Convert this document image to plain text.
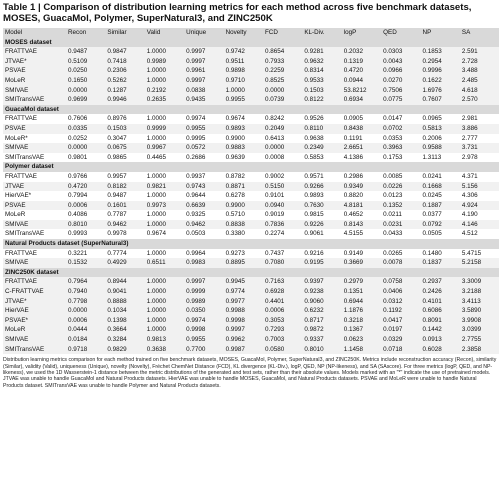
Table 1 | Comparison of distribution learning metrics for each method across five benchmark datasets, MOSES, GuacaMol, Polymer, SuperNatural3, and ZINC250K
Model	Recon	Similar	Valid	Unique	Novelty	FCD	KL-Div.	logP	QED	NP	SA
MOSES dataset											
FRATTVAE	0.9487	0.9847	1.0000	0.9997	0.9742	0.8654	0.9281	0.2032	0.0303	0.1853	2.591
JTVAE*	0.5109	0.7418	0.9989	0.9997	0.9511	0.7933	0.9632	0.1319	0.0043	0.2954	2.728
PSVAE	0.0250	0.2306	1.0000	0.9961	0.9898	0.2259	0.8314	0.4720	0.0966	0.9996	3.488
MoLeR	0.1650	0.5262	1.0000	0.9997	0.9710	0.8525	0.9533	0.0944	0.0270	0.1622	2.485
SMIVAE	0.0000	0.1287	0.2192	0.0838	1.0000	0.0000	0.1503	53.8212	0.7506	1.6976	4.618
SMITransVAE	0.9699	0.9946	0.2635	0.9435	0.9955	0.0739	0.8122	0.6934	0.0775	0.7607	2.570
GuacaMol dataset											
FRATTVAE	0.7606	0.8976	1.0000	0.9974	0.9674	0.8242	0.9526	0.0905	0.0147	0.0965	2.981
PSVAE	0.0335	0.1503	0.9999	0.9955	0.9893	0.2049	0.8110	0.8438	0.0702	0.5813	3.886
MoLeR*	0.0252	0.3047	1.0000	0.9995	0.9900	0.6413	0.9638	0.1191	0.0353	0.2006	2.777
SMIVAE	0.0000	0.0675	0.9967	0.0572	0.9883	0.0000	0.2349	2.6651	0.3963	0.9588	3.731
SMITransVAE	0.9801	0.9865	0.4465	0.2686	0.9639	0.0008	0.5853	4.1386	0.1753	1.3113	2.978
Polymer dataset											
FRATTVAE	0.9766	0.9957	1.0000	0.9937	0.8782	0.9002	0.9571	0.2986	0.0085	0.0241	4.371
JTVAE	0.4720	0.8182	0.9821	0.9743	0.8871	0.5150	0.9266	0.9349	0.0226	0.1668	5.156
HierVAE*	0.7994	0.9487	1.0000	0.9644	0.6278	0.9101	0.9893	0.8820	0.0123	0.0245	4.306
PSVAE	0.0006	0.1601	0.9973	0.6639	0.9900	0.0940	0.7630	4.8181	0.1352	0.1887	4.924
MoLeR	0.4086	0.7787	1.0000	0.9325	0.5710	0.9019	0.9815	0.4652	0.0211	0.0377	4.190
SMIVAE	0.8010	0.9462	1.0000	0.9462	0.8838	0.7836	0.9226	0.8143	0.0231	0.0792	4.146
SMITransVAE	0.9993	0.9978	0.9674	0.0503	0.3380	0.2274	0.9061	4.5155	0.0433	0.0505	4.512
Natural Products dataset (SuperNatural3)											
FRATTVAE	0.3221	0.7774	1.0000	0.9964	0.9273	0.7437	0.9216	0.9149	0.0265	0.1480	5.4715
SMIVAE	0.1532	0.4929	0.6511	0.9983	0.8895	0.7080	0.9195	0.3669	0.0078	0.1837	5.2158
ZINC250K dataset											
FRATTVAE	0.7964	0.8944	1.0000	0.9997	0.9945	0.7163	0.9397	0.2979	0.0758	0.2937	3.3009
C-FRATTVAE	0.7940	0.9041	1.0000	0.9999	0.9774	0.6928	0.9238	0.1351	0.0406	0.2426	3.2188
JTVAE*	0.7798	0.8888	1.0000	0.9989	0.9977	0.4401	0.9060	0.6944	0.0312	0.4101	3.4113
HierVAE	0.0000	0.1034	1.0000	0.0350	0.9988	0.0006	0.6232	1.1876	0.1192	0.6086	3.5890
PSVAE*	0.0006	0.1398	1.0000	0.9974	0.9998	0.3053	0.8717	0.3218	0.0417	0.8091	3.9908
MoLeR	0.0444	0.3664	1.0000	0.9998	0.9997	0.7293	0.9872	0.1367	0.0197	0.1442	3.0399
SMIVAE	0.0184	0.3284	0.9813	0.9955	0.9962	0.7003	0.9337	0.0623	0.0329	0.0913	2.7755
SMITransVAE	0.9718	0.9829	0.3638	0.7700	0.9987	0.0580	0.8010	1.1458	0.0718	0.6028	2.3858

Distribution learning metrics comparison for each method trained on five benchmark datasets, MOSES, GuacaMol, Polymer, SuperNatural3, and ZINC250K. Metrics include reconstruction accuracy (Recon), similarity (Similar), validity (Valid), uniqueness (Unique), novelty (Novelty), Fréchet ChemNet Distance (FCD), KL divergence (KL-Div.), logP, QED, NP (NP-likeness), and SA (SAscore). For three metrics (logP, QED, and NP-likeness), we used the 1D Wasserstein-1 distance between the metric distributions of the generated and test sets, rather than their absolute values. Models marked with an "*" indicate the use of pretrained models.

JTVAE was unable to handle GuacaMol and Natural Products datasets. HierVAE was unable to handle MOSES, GuacaMol, and Natural Products datasets. PSVAE and MoLeR were unable to handle Natural Products dataset. SMITransVAE was unable to handle Polymer and Natural Products datasets.
